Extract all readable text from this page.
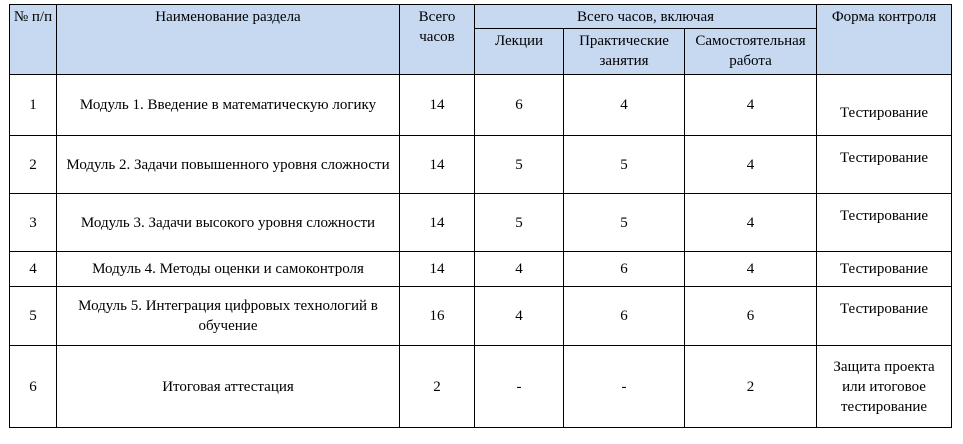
№ п/п	Наименование раздела	Всего часов	Всего часов, включая			Форма контроля
			Лекции	Практические занятия	Самостоятельная работа	
1	Модуль 1. Введение в математическую логику	14	6	4	4	Тестирование
2	Модуль 2. Задачи повышенного уровня сложности	14	5	5	4	Тестирование
3	Модуль 3. Задачи высокого уровня сложности	14	5	5	4	Тестирование
4	Модуль 4. Методы оценки и самоконтроля	14	4	6	4	Тестирование
5	Модуль 5. Интеграция цифровых технологий в обучение	16	4	6	6	Тестирование
6	Итоговая аттестация	2	-	-	2	Защита проекта или итоговое тестирование
